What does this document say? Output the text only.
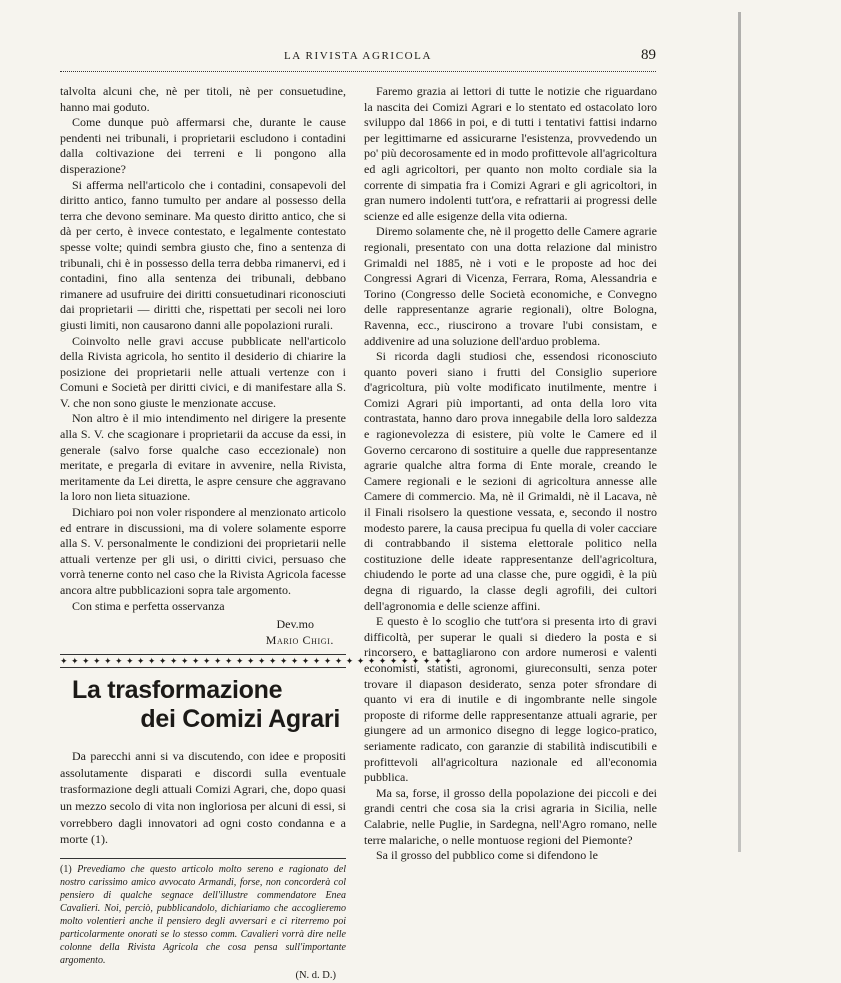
LA RIVISTA AGRICOLA	89

talvolta alcuni che, nè per titoli, nè per consuetudine, hanno mai goduto.

Come dunque può affermarsi che, durante le cause pendenti nei tribunali, i proprietarii escludono i contadini dalla coltivazione dei terreni e li pongono alla disperazione?

Si afferma nell'articolo che i contadini, consapevoli del diritto antico, fanno tumulto per andare al possesso della terra che devono seminare. Ma questo diritto antico, che si dà per certo, è invece contestato, e legalmente contestato spesse volte; quindi sembra giusto che, fino a sentenza di tribunali, chi è in possesso della terra debba rimanervi, ed i contadini, fino alla sentenza dei tribunali, debbano rimanere ad usufruire dei diritti consuetudinari riconosciuti dai proprietarii — diritti che, rispettati per secoli nei loro giusti limiti, non causarono danni alle popolazioni rurali.

Coinvolto nelle gravi accuse pubblicate nell'articolo della Rivista agricola, ho sentito il desiderio di chiarire la posizione dei proprietarii nelle attuali vertenze con i Comuni e Società per diritti civici, e di manifestare alla S. V. che non sono giuste le menzionate accuse.

Non altro è il mio intendimento nel dirigere la presente alla S. V. che scagionare i proprietarii da accuse da essi, in generale (salvo forse qualche caso eccezionale) non meritate, e pregarla di evitare in avvenire, nella Rivista, meritamente da Lei diretta, le aspre censure che aggravano la loro non lieta situazione.

Dichiaro poi non voler rispondere al menzionato articolo ed entrare in discussioni, ma di volere solamente esporre alla S. V. personalmente le condizioni dei proprietarii nelle attuali vertenze per gli usi, o diritti civici, persuaso che vorrà tenerne conto nel caso che la Rivista Agricola facesse ancora altre pubblicazioni sopra tale argomento.

Con stima e perfetta osservanza

Dev.mo
Mario Chigi.
✦ ✦ ✦ ✦ ✦ ✦ ✦ ✦ ✦ ✦ ✦ ✦ ✦ ✦ ✦ ✦ ✦ ✦ ✦ ✦ ✦ ✦ ✦ ✦ ✦ ✦ ✦ ✦ ✦ ✦ ✦ ✦ ✦ ✦ ✦ ✦
La trasformazione
dei Comizi Agrari

Da parecchi anni si va discutendo, con idee e propositi assolutamente disparati e discordi sulla eventuale trasformazione degli attuali Comizi Agrari, che, dopo quasi un mezzo secolo di vita non ingloriosa per alcuni di essi, si vorrebbero dagli innovatori ad ogni costo condanna e a morte (1).

(1) Prevediamo che questo articolo molto sereno e ragionato del nostro carissimo amico avvocato Armandi, forse, non concorderà col pensiero di qualche segnace dell'illustre commendatore Enea Cavalieri. Noi, perciò, pubblicandolo, dichiariamo che accoglieremo molto volentieri anche il pensiero degli avversari e ci riterremo poi particolarmente onorati se lo stesso comm. Cavalieri vorrà dire nelle colonne della Rivista Agricola che cosa pensa sull'importante argomento.
(N. d. D.)

Faremo grazia ai lettori di tutte le notizie che riguardano la nascita dei Comizi Agrari e lo stentato ed ostacolato loro sviluppo dal 1866 in poi, e di tutti i tentativi fattisi indarno per legittimarne ed assicurarne l'esistenza, provvedendo un po' più decorosamente ed in modo profittevole all'agricoltura ed agli agricoltori, per quanto non molto cordiale sia la corrente di simpatia fra i Comizi Agrari e gli agricoltori, in gran numero indolenti tutt'ora, e refrattarii ai progressi delle scienze ed alle esigenze della vita odierna.

Diremo solamente che, nè il progetto delle Camere agrarie regionali, presentato con una dotta relazione dal ministro Grimaldi nel 1885, nè i voti e le proposte ad hoc dei Congressi Agrari di Vicenza, Ferrara, Roma, Alessandria e Torino (Congresso delle Società economiche, e Convegno delle rappresentanze agrarie regionali), oltre Bologna, Ravenna, ecc., riuscirono a trovare l'ubi consistam, e addivenire ad una soluzione dell'arduo problema.

Si ricorda dagli studiosi che, essendosi riconosciuto quanto poveri siano i frutti del Consiglio superiore d'agricoltura, più volte modificato inutilmente, mentre i Comizi Agrari più importanti, ad onta della loro vita contrastata, hanno daro prova innegabile della loro saldezza e ragionevolezza di esistere, più volte le Camere ed il Governo cercarono di sostituire a quelle due rappresentanze agrarie qualche altra forma di Ente morale, creando le Camere regionali e le sezioni di agricoltura annesse alle Camere di commercio. Ma, nè il Grimaldi, nè il Lacava, nè il Finali risolsero la questione vessata, e, secondo il nostro modesto parere, la causa precipua fu quella di voler cacciare di contrabbando il sistema elettorale politico nella costituzione delle ideate rappresentanze dell'agricoltura, chiudendo le porte ad una classe che, pure oggidì, è la più degna di riguardo, la classe degli agrofili, dei cultori dell'agronomia e delle scienze affini.

E questo è lo scoglio che tutt'ora si presenta irto di gravi difficoltà, per superar le quali si diedero la posta e si rincorsero, e battagliarono con ardore numerosi e valenti economisti, statisti, agronomi, giureconsulti, senza poter trovare il diapason desiderato, senza poter sfrondare di quanto vi era di inutile e di ingombrante nelle singole proposte di riforme delle rappresentanze attuali agrarie, per giungere ad un armonico disegno di legge logico-pratico, seriamente radicato, con garanzie di stabilità indiscutibili e profittevoli all'agricoltura nazionale ed all'economia pubblica.

Ma sa, forse, il grosso della popolazione dei piccoli e dei grandi centri che cosa sia la crisi agraria in Sicilia, nelle Calabrie, nelle Puglie, in Sardegna, nell'Agro romano, nelle terre malariche, o nelle montuose regioni del Piemonte?

Sa il grosso del pubblico come si difendono le
